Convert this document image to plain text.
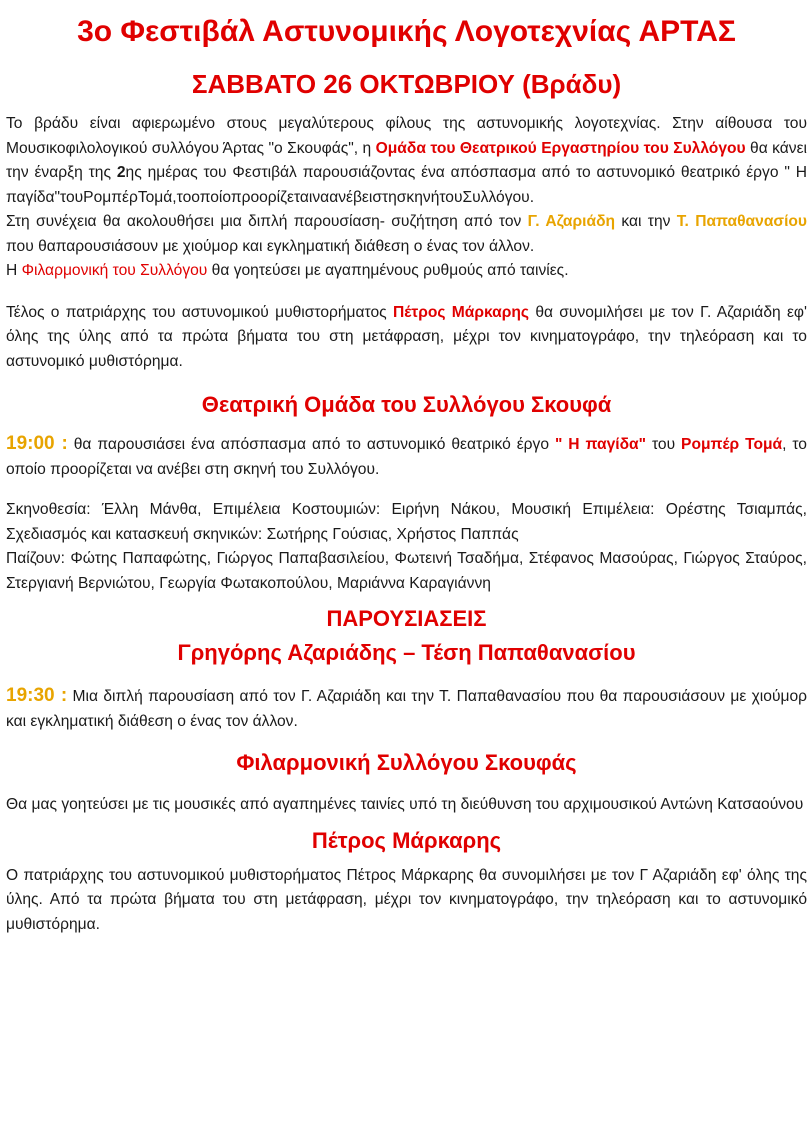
3ο Φεστιβάλ Αστυνομικής Λογοτεχνίας ΑΡΤΑΣ
ΣΑΒΒΑΤΟ 26 ΟΚΤΩΒΡΙΟΥ (Βράδυ)

Το βράδυ είναι αφιερωμένο στους μεγαλύτερους φίλους της αστυνομικής λογοτεχνίας. Στην αίθουσα του Μουσικοφιλολογικού συλλόγου Άρτας "ο Σκουφάς", η Ομάδα του Θεατρικού Εργαστηρίου του Συλλόγου θα κάνει την έναρξη της 2ης ημέρας του Φεστιβάλ παρουσιάζοντας ένα απόσπασμα από το αστυνομικό θεατρικό έργο " Η παγίδα"τουΡομπέρΤομά,τοοποίοπροορίζεταιναανέβειστησκηνήτουΣυλλόγου.

Στη συνέχεια θα ακολουθήσει μια διπλή παρουσίαση- συζήτηση από τον Γ. Αζαριάδη και την Τ. Παπαθανασίου που θαπαρουσιάσουν με χιούμορ και εγκληματική διάθεση ο ένας τον άλλον.

Η Φιλαρμονική του Συλλόγου θα γοητεύσει με αγαπημένους ρυθμούς από ταινίες.

Τέλος ο πατριάρχης του αστυνομικού μυθιστορήματος Πέτρος Μάρκαρης θα συνομιλήσει με τον Γ. Αζαριάδη εφ' όλης της ύλης από τα πρώτα βήματα του στη μετάφραση, μέχρι τον κινηματογράφο, την τηλεόραση και το αστυνομικό μυθιστόρημα.

Θεατρική Ομάδα του Συλλόγου Σκουφά

19:00 : θα παρουσιάσει ένα απόσπασμα από το αστυνομικό θεατρικό έργο " Η παγίδα" του Ρομπέρ Τομά, το οποίο προορίζεται να ανέβει στη σκηνή του Συλλόγου.

Σκηνοθεσία: Έλλη Μάνθα, Επιμέλεια Κοστουμιών: Ειρήνη Νάκου, Μουσική Επιμέλεια: Ορέστης Τσιαμπάς, Σχεδιασμός και κατασκευή σκηνικών: Σωτήρης Γούσιας, Χρήστος Παππάς

Παίζουν: Φώτης Παπαφώτης, Γιώργος Παπαβασιλείου, Φωτεινή Τσαδήμα, Στέφανος Μασούρας, Γιώργος Σταύρος, Στεργιανή Βερνιώτου, Γεωργία Φωτακοπούλου, Μαριάννα Καραγιάννη

ΠΑΡΟΥΣΙΑΣΕΙΣ
Γρηγόρης Αζαριάδης – Τέση Παπαθανασίου

19:30 : Μια διπλή παρουσίαση από τον Γ. Αζαριάδη και την Τ. Παπαθανασίου που θα παρουσιάσουν με χιούμορ και εγκληματική διάθεση ο ένας τον άλλον.

Φιλαρμονική Συλλόγου Σκουφάς

Θα μας γοητεύσει με τις μουσικές από αγαπημένες ταινίες υπό τη διεύθυνση του αρχιμουσικού Αντώνη Κατσαούνου

Πέτρος Μάρκαρης

Ο πατριάρχης του αστυνομικού μυθιστορήματος Πέτρος Μάρκαρης θα συνομιλήσει με τον Γ Αζαριάδη εφ' όλης της ύλης. Από τα πρώτα βήματα του στη μετάφραση, μέχρι τον κινηματογράφο, την τηλεόραση και το αστυνομικό μυθιστόρημα.
